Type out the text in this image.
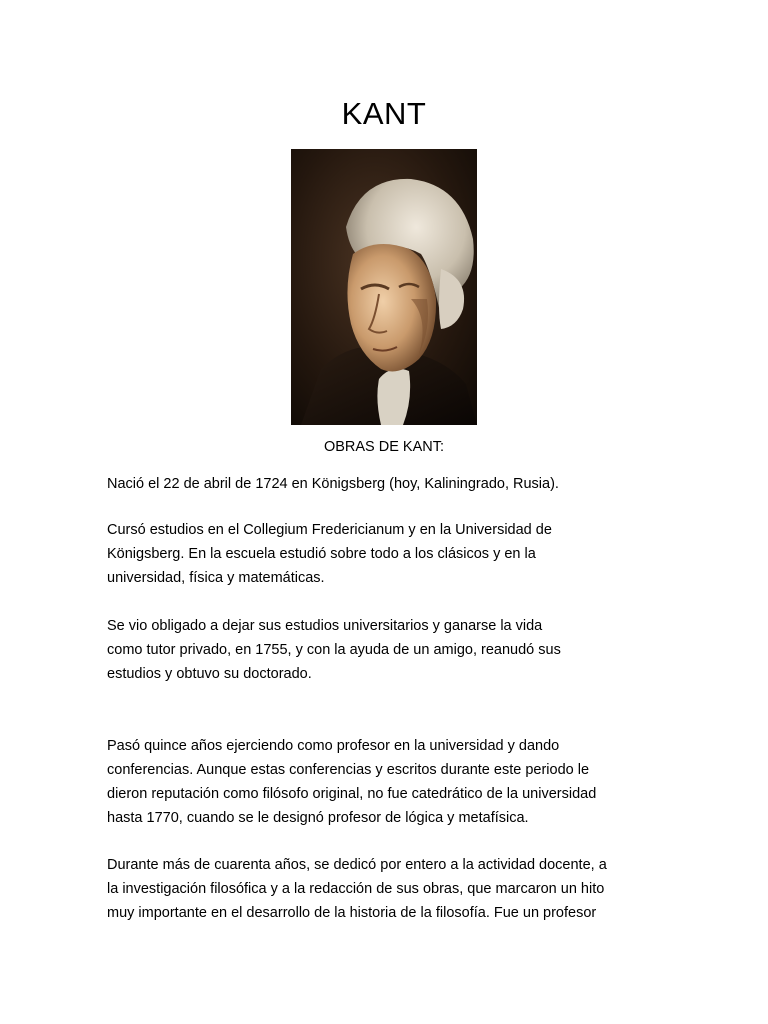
KANT
OBRAS DE KANT:

Nació el 22 de abril de 1724 en Königsberg (hoy, Kaliningrado, Rusia).

Cursó estudios en el Collegium Fredericianum y en la Universidad de
Königsberg. En la escuela estudió sobre todo a los clásicos y en la
universidad, física y matemáticas.

Se vio obligado a dejar sus estudios universitarios y ganarse la vida
como tutor privado, en 1755, y con la ayuda de un amigo, reanudó sus
estudios y obtuvo su doctorado.

Pasó quince años ejerciendo como profesor en la universidad y dando
conferencias. Aunque estas conferencias y escritos durante este periodo le
dieron reputación como filósofo original, no fue catedrático de la universidad
hasta 1770, cuando se le designó profesor de lógica y metafísica.

Durante más de cuarenta años, se dedicó por entero a la actividad docente, a
la investigación filosófica y a la redacción de sus obras, que marcaron un hito
muy importante en el desarrollo de la historia de la filosofía. Fue un profesor
